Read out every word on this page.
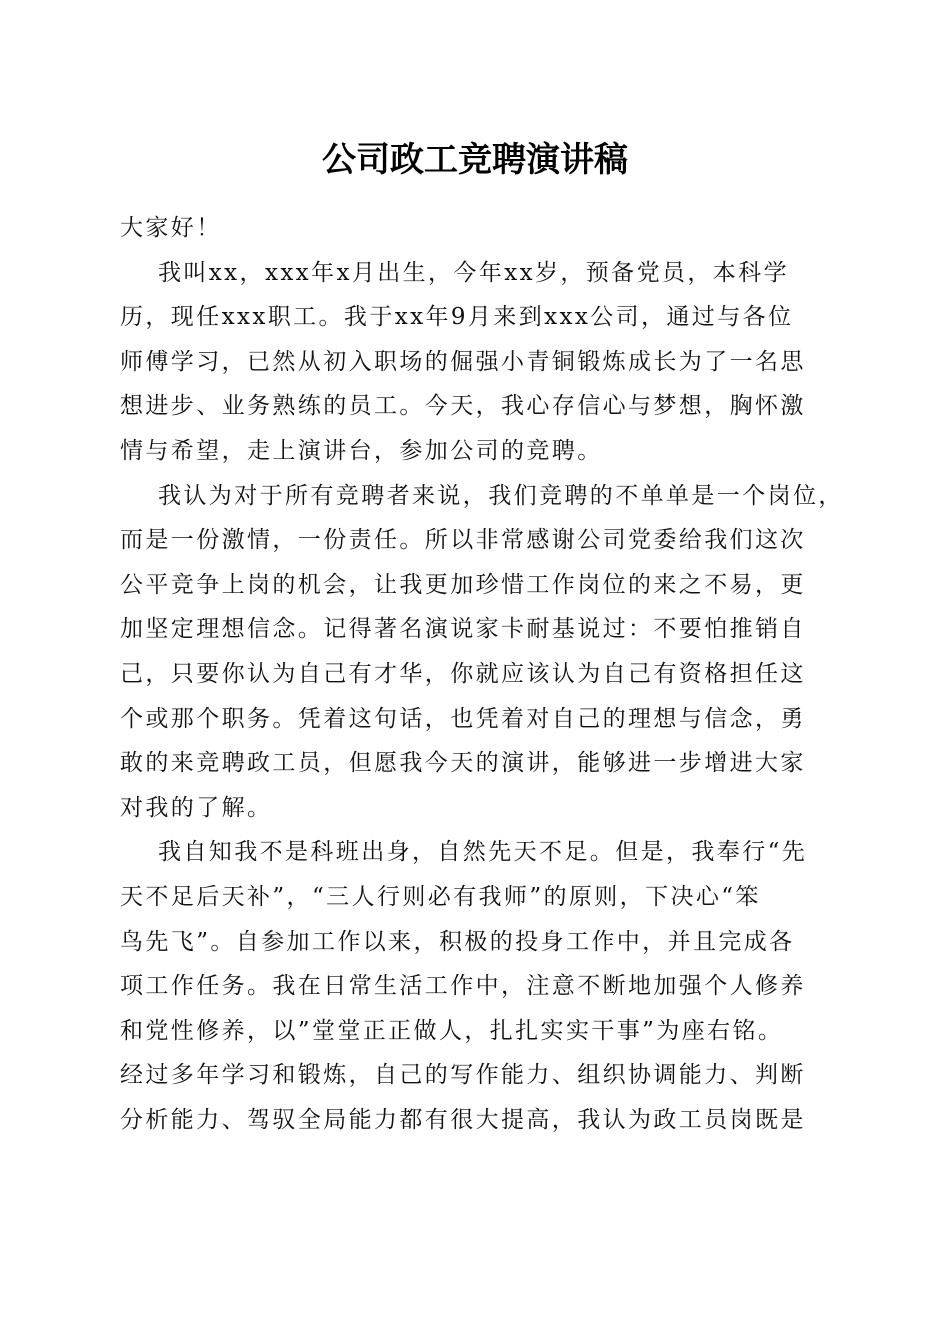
公司政工竞聘演讲稿
大家好！
我叫xx，xxx年x月出生，今年xx岁，预备党员，本科学
历，现任xxx职工。我于xx年9月来到xxx公司，通过与各位
师傅学习，已然从初入职场的倔强小青铜锻炼成长为了一名思
想进步、业务熟练的员工。今天，我心存信心与梦想，胸怀激
情与希望，走上演讲台，参加公司的竞聘。
我认为对于所有竞聘者来说，我们竞聘的不单单是一个岗位，
而是一份激情，一份责任。所以非常感谢公司党委给我们这次
公平竞争上岗的机会，让我更加珍惜工作岗位的来之不易，更
加坚定理想信念。记得著名演说家卡耐基说过：不要怕推销自
己，只要你认为自己有才华，你就应该认为自己有资格担任这
个或那个职务。凭着这句话，也凭着对自己的理想与信念，勇
敢的来竞聘政工员，但愿我今天的演讲，能够进一步增进大家
对我的了解。
我自知我不是科班出身，自然先天不足。但是，我奉行“先
天不足后天补”，“三人行则必有我师”的原则，下决心“笨
鸟先飞”。自参加工作以来，积极的投身工作中，并且完成各
项工作任务。我在日常生活工作中，注意不断地加强个人修养
和党性修养，以”堂堂正正做人，扎扎实实干事”为座右铭。
经过多年学习和锻炼，自己的写作能力、组织协调能力、判断
分析能力、驾驭全局能力都有很大提高，我认为政工员岗既是
